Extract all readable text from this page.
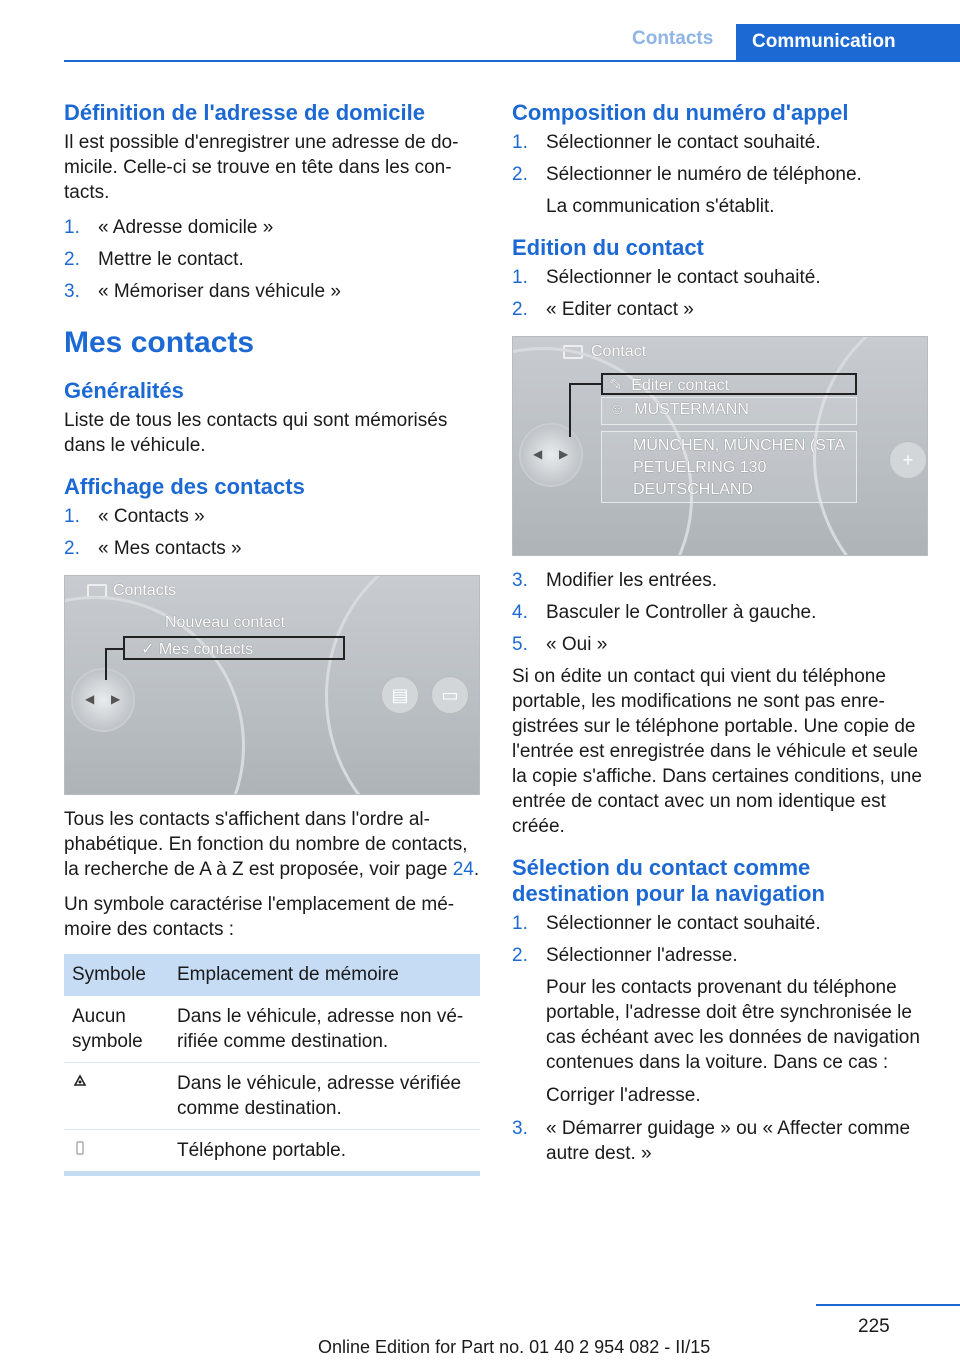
Contacts	Communication
Définition de l'adresse de domicile

Il est possible d'enregistrer une adresse de domicile. Celle-ci se trouve en tête dans les contacts.

1. « Adresse domicile »
2. Mettre le contact.
3. « Mémoriser dans véhicule »
Mes contacts
Généralités

Liste de tous les contacts qui sont mémorisés dans le véhicule.

Affichage des contacts
1. « Contacts »
2. « Mes contacts »
Contacts
◀ ▶
Nouveau contact
✓ Mes contacts
▤	▭

Tous les contacts s'affichent dans l'ordre alphabétique. En fonction du nombre de contacts, la recherche de A à Z est proposée, voir page 24.

Un symbole caractérise l'emplacement de mémoire des contacts :

Symbole	Emplacement de mémoire
Aucun symbole	Dans le véhicule, adresse non vérifiée comme destination.
	Dans le véhicule, adresse vérifiée comme destination.
	Téléphone portable.
Composition du numéro d'appel
1. Sélectionner le contact souhaité.
2. Sélectionner le numéro de téléphone.
La communication s'établit.
Edition du contact
1. Sélectionner le contact souhaité.
2. « Editer contact »
Contact
◀ ▶
✎  Editer contact
☺  MUSTERMANN
MÜNCHEN, MÜNCHEN (STA
PETUELRING 130
DEUTSCHLAND
+
3. Modifier les entrées.
4. Basculer le Controller à gauche.
5. « Oui »

Si on édite un contact qui vient du téléphone portable, les modifications ne sont pas enregistrées sur le téléphone portable. Une copie de l'entrée est enregistrée dans le véhicule et seule la copie s'affiche. Dans certaines conditions, une entrée de contact avec un nom identique est créée.

Sélection du contact comme destination pour la navigation
1. Sélectionner le contact souhaité.
2. Sélectionner l'adresse.
Pour les contacts provenant du téléphone portable, l'adresse doit être synchronisée le cas échéant avec les données de navigation contenues dans la voiture. Dans ce cas :
Corriger l'adresse.
3. « Démarrer guidage » ou « Affecter comme autre dest. »
225
Online Edition for Part no. 01 40 2 954 082 - II/15
